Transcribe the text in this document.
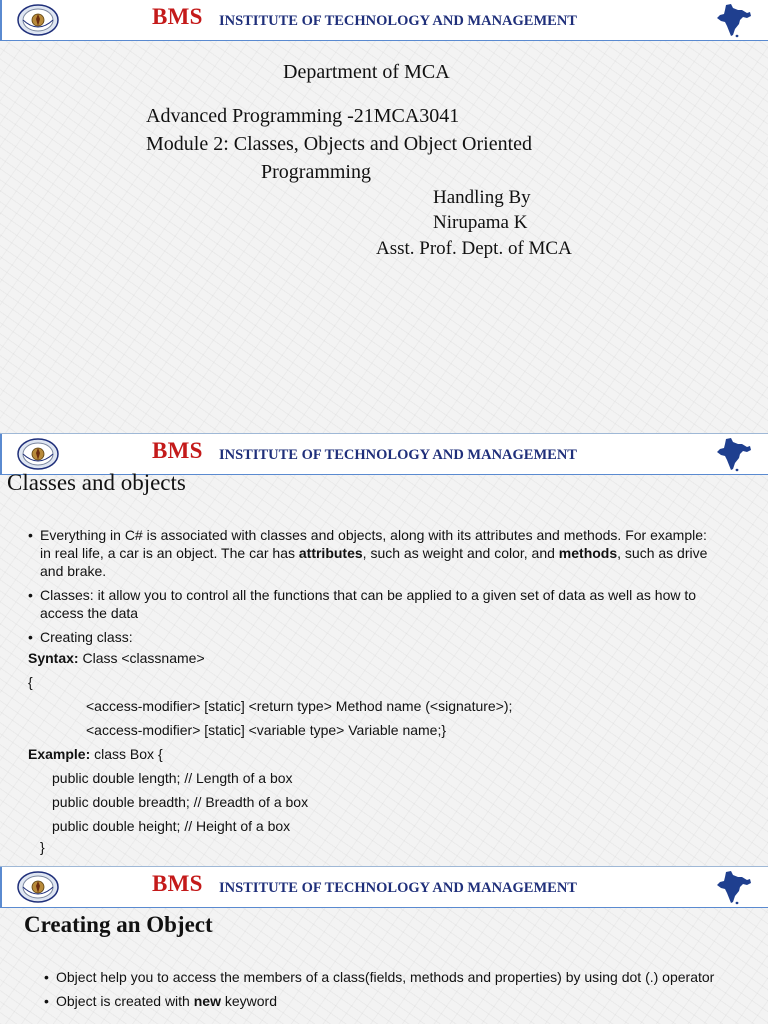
BMS INSTITUTE OF TECHNOLOGY AND MANAGEMENT
Department of MCA
Advanced Programming -21MCA3041
Module 2: Classes, Objects and Object Oriented
Programming
Handling By
Nirupama K
Asst. Prof. Dept. of MCA
BMS INSTITUTE OF TECHNOLOGY AND MANAGEMENT
Classes and objects
• Everything in C# is associated with classes and objects, along with its attributes and methods. For example: in real life, a car is an object. The car has attributes, such as weight and color, and methods, such as drive and brake.
• Classes: it allow you to control all the functions that can be applied to a given set of data as well as how to access the data
• Creating class:
Syntax: Class <classname>
{
<access-modifier> [static] <return type> Method name (<signature>);
<access-modifier> [static] <variable type> Variable name;}
Example: class Box {
public double length; // Length of a box
public double breadth; // Breadth of a box
public double height; // Height of a box
}
BMS INSTITUTE OF TECHNOLOGY AND MANAGEMENT
Creating an Object
• Object help you to access the members of a class(fields, methods and properties) by using dot (.) operator
• Object is created with new keyword
